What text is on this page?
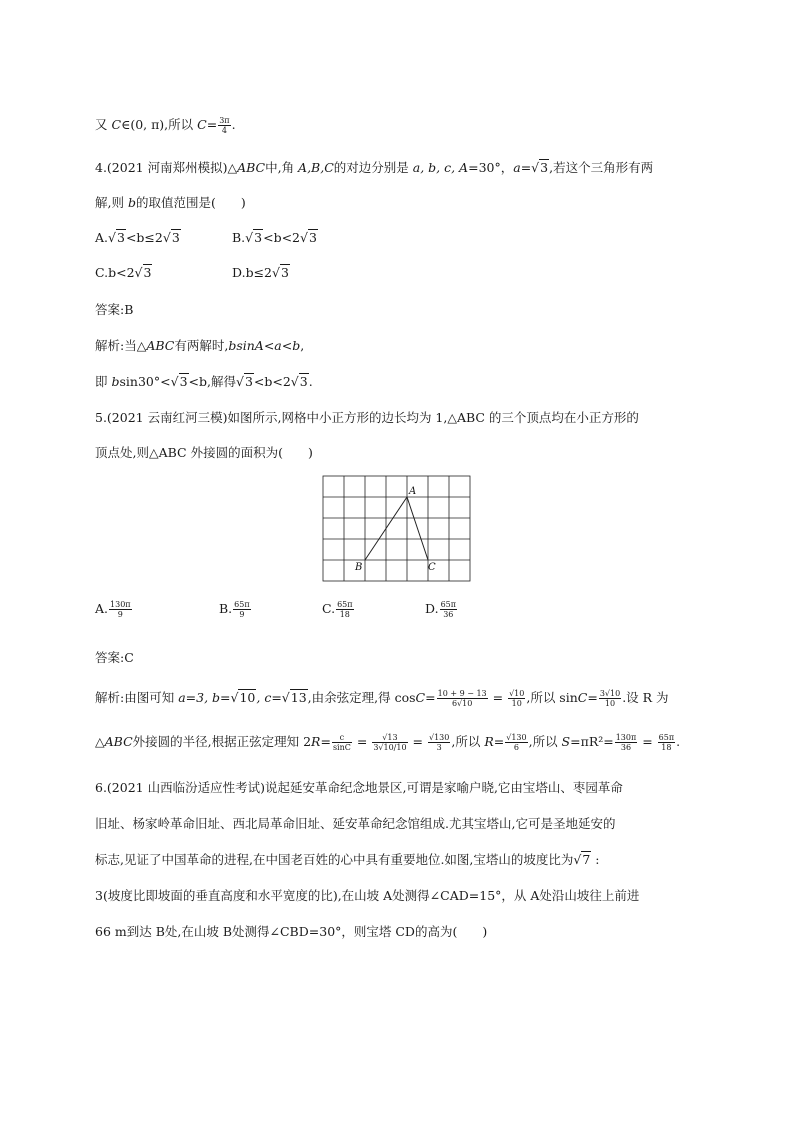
又 C∈(0, π),所以 $C= \frac{3\pi}{4}$ .
4.(2021 河南郑州模拟)△ABC中,角 A,B,C的对边分别是 a, b, c, A=30°，a=√3,若这个三角形有两
解,则 b的取值范围是(　　)
A.√3<b≤2√3	B.√3<b<2√3
C.b<2√3	D.b≤2√3
答案:B
解析:当△ABC有两解时,bsinA<a<b,
即 bsin30°<√3<b,解得√3<b<2√3.
5.(2021 云南红河三模)如图所示,网格中小正方形的边长均为 1,△ABC 的三个顶点均在小正方形的
顶点处,则△ABC 外接圆的面积为(　　)
A
B	C
A. $\frac{130\pi}{9}$	B. $\frac{65\pi}{9}$	C. $\frac{65\pi}{18}$	D. $\frac{65\pi}{36}$
答案:C
解析:由图可知 a=3, b=√10, c=√13,由余弦定理,得 $\cos C= \frac{10 + 9 - 13}{6√10} = \frac{√10}{10}$ ,所以 $\sin C= \frac{3√10}{10}$ .设 R 为
△ABC外接圆的半径,根据正弦定理知 $2R= \frac{c}{\sin C} = \frac{√13}{3√10/10} = \frac{√130}{3}$ ,所以 $R= \frac{√130}{6}$ ,所以 $S=\pi R^2= \frac{130\pi}{36} = \frac{65\pi}{18}$ .
6.(2021 山西临汾适应性考试)说起延安革命纪念地景区,可谓是家喻户晓,它由宝塔山、枣园革命
旧址、杨家岭革命旧址、西北局革命旧址、延安革命纪念馆组成.尤其宝塔山,它可是圣地延安的
标志,见证了中国革命的进程,在中国老百姓的心中具有重要地位.如图,宝塔山的坡度比为√7 :
3(坡度比即坡面的垂直高度和水平宽度的比),在山坡 A处测得∠CAD=15°，从 A处沿山坡往上前进
66 m到达 B处,在山坡 B处测得∠CBD=30°，则宝塔 CD的高为(　　)
